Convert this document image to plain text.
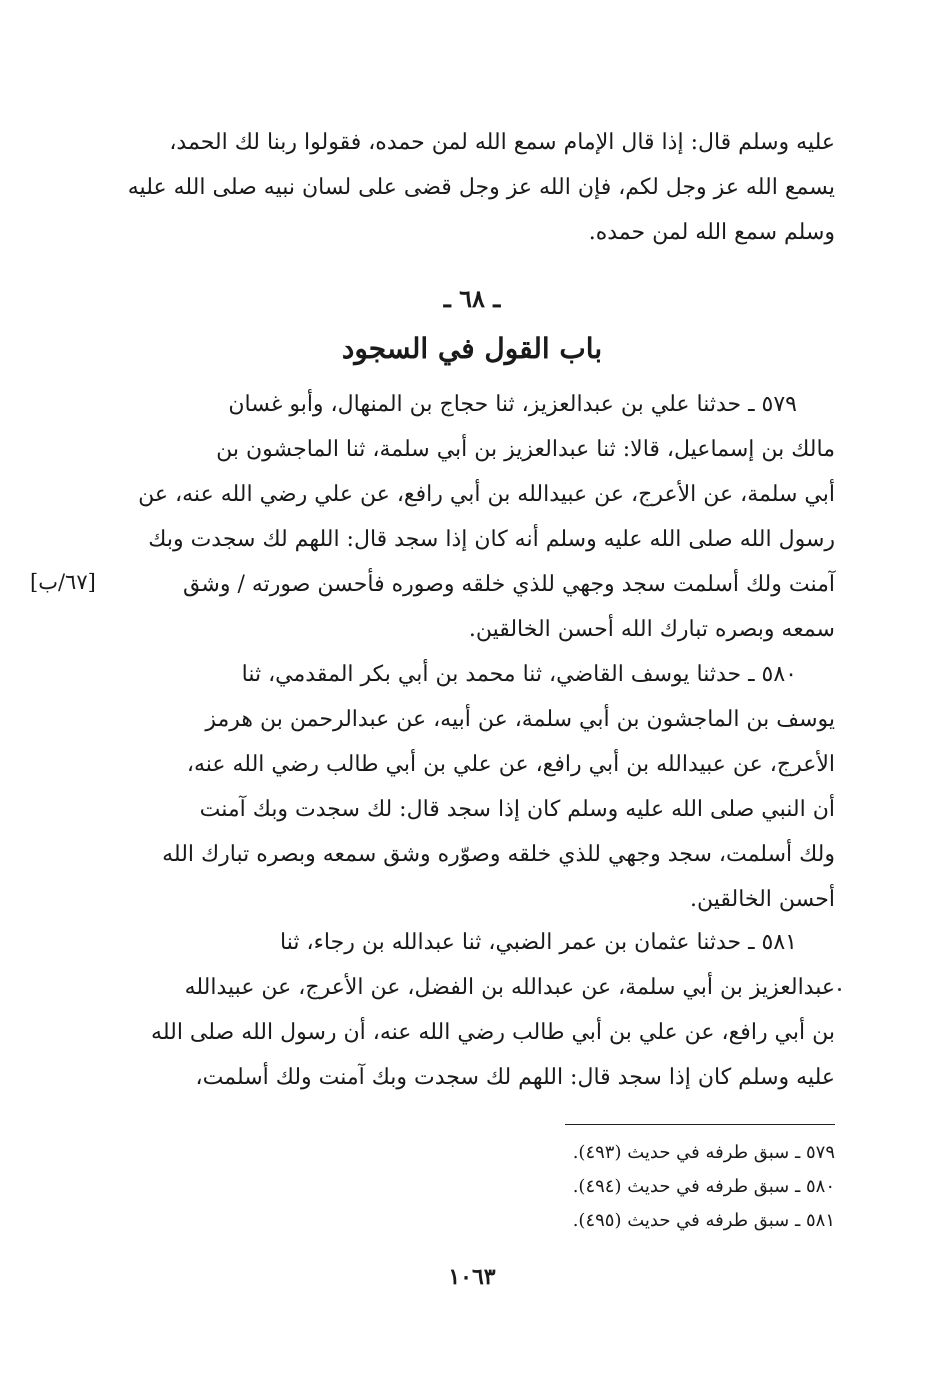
عليه وسلم قال: إذا قال الإمام سمع الله لمن حمده، فقولوا ربنا لك الحمد،
يسمع الله عز وجل لكم، فإن الله عز وجل قضى على لسان نبيه صلى الله عليه
وسلم سمع الله لمن حمده.
ـ ٦٨ ـ
باب القول في السجود
٥٧٩ ـ حدثنا علي بن عبدالعزيز، ثنا حجاج بن المنهال، وأبو غسان
مالك بن إسماعيل، قالا: ثنا عبدالعزيز بن أبي سلمة، ثنا الماجشون بن
أبي سلمة، عن الأعرج، عن عبيدالله بن أبي رافع، عن علي رضي الله عنه، عن
رسول الله صلى الله عليه وسلم أنه كان إذا سجد قال: اللهم لك سجدت وبك
آمنت ولك أسلمت سجد وجهي للذي خلقه وصوره فأحسن صورته / وشق
سمعه وبصره تبارك الله أحسن الخالقين.
[٦٧/ب]
٥٨٠ ـ حدثنا يوسف القاضي، ثنا محمد بن أبي بكر المقدمي، ثنا
يوسف بن الماجشون بن أبي سلمة، عن أبيه، عن عبدالرحمن بن هرمز
الأعرج، عن عبيدالله بن أبي رافع، عن علي بن أبي طالب رضي الله عنه،
أن النبي صلى الله عليه وسلم كان إذا سجد قال: لك سجدت وبك آمنت
ولك أسلمت، سجد وجهي للذي خلقه وصوّره وشق سمعه وبصره تبارك الله
أحسن الخالقين.
٥٨١ ـ حدثنا عثمان بن عمر الضبي، ثنا عبدالله بن رجاء، ثنا
عبدالعزيز بن أبي سلمة، عن عبدالله بن الفضل، عن الأعرج، عن عبيدالله
بن أبي رافع، عن علي بن أبي طالب رضي الله عنه، أن رسول الله صلى الله
عليه وسلم كان إذا سجد قال: اللهم لك سجدت وبك آمنت ولك أسلمت،
٥٧٩ ـ سبق طرفه في حديث (٤٩٣).
٥٨٠ ـ سبق طرفه في حديث (٤٩٤).
٥٨١ ـ سبق طرفه في حديث (٤٩٥).
١٠٦٣
